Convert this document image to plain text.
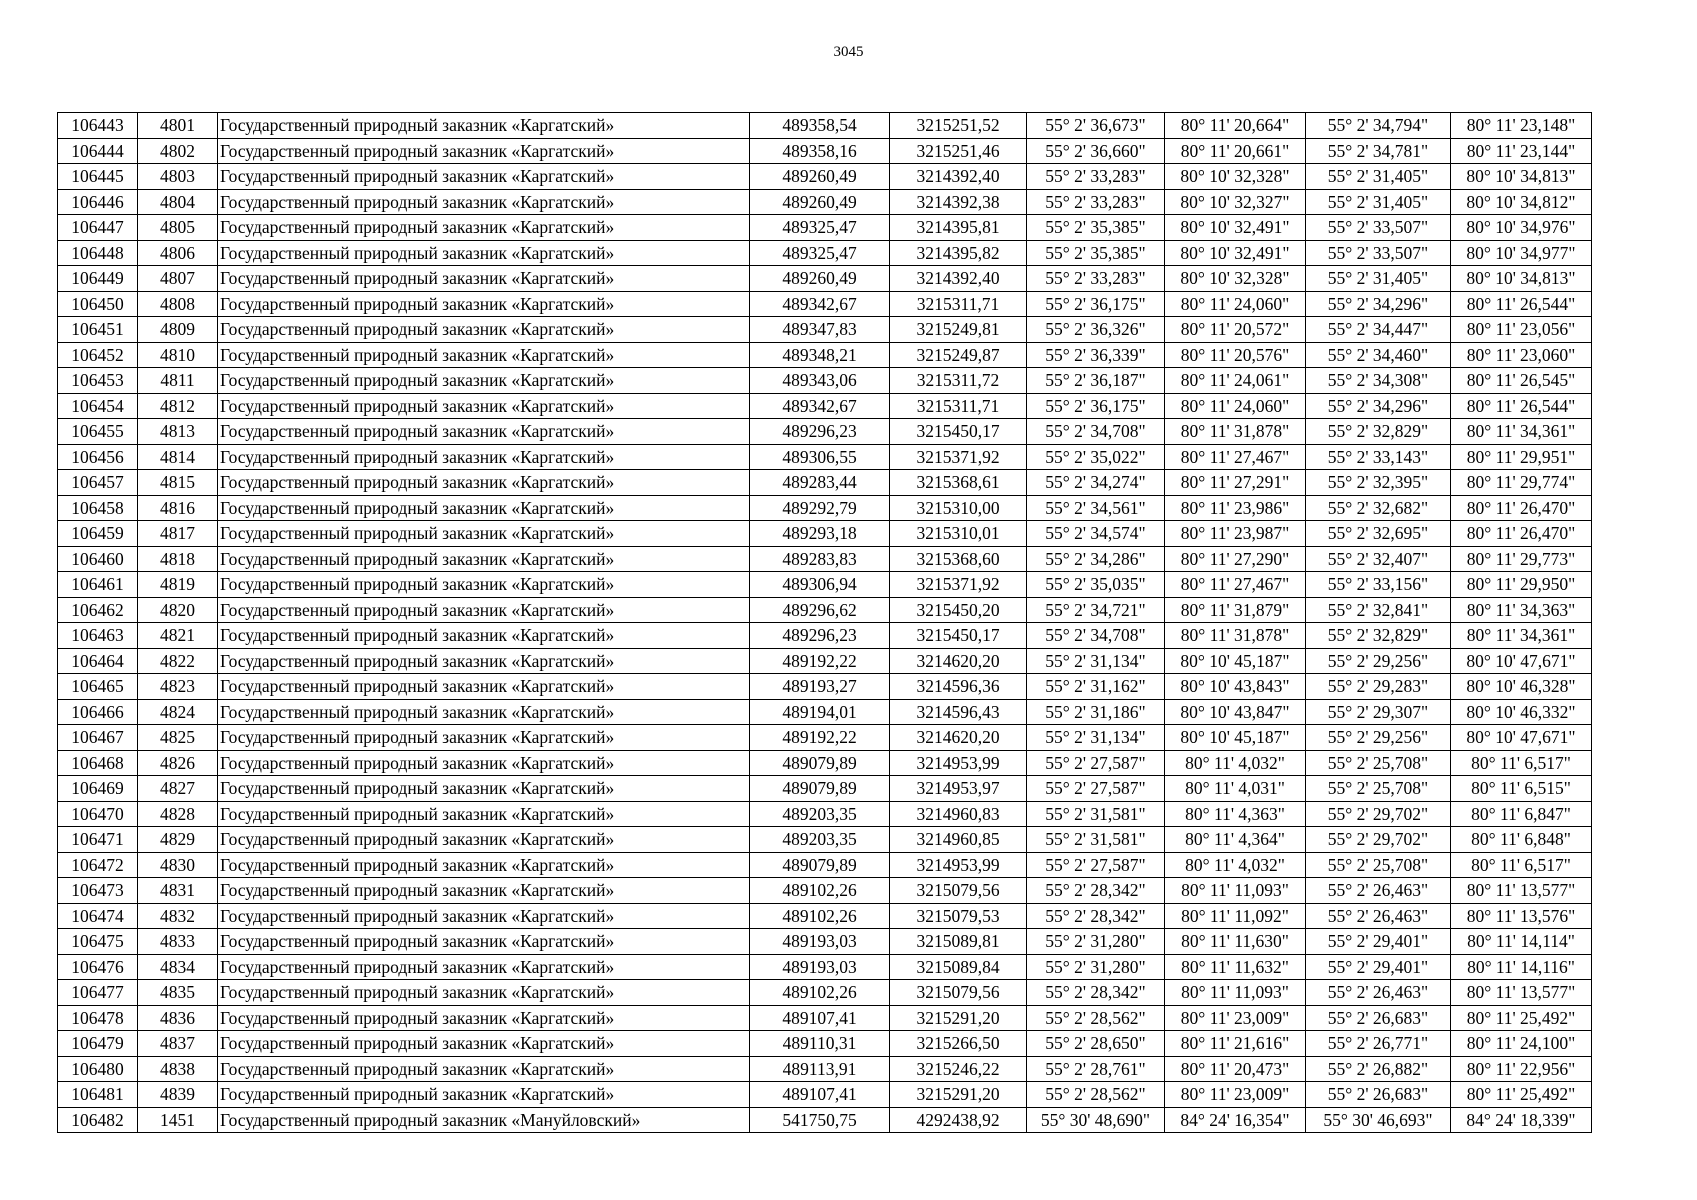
3045
106443	4801	Государственный природный заказник «Каргатский»	489358,54	3215251,52	55° 2' 36,673"	80° 11' 20,664"	55° 2' 34,794"	80° 11' 23,148"
106444	4802	Государственный природный заказник «Каргатский»	489358,16	3215251,46	55° 2' 36,660"	80° 11' 20,661"	55° 2' 34,781"	80° 11' 23,144"
106445	4803	Государственный природный заказник «Каргатский»	489260,49	3214392,40	55° 2' 33,283"	80° 10' 32,328"	55° 2' 31,405"	80° 10' 34,813"
106446	4804	Государственный природный заказник «Каргатский»	489260,49	3214392,38	55° 2' 33,283"	80° 10' 32,327"	55° 2' 31,405"	80° 10' 34,812"
106447	4805	Государственный природный заказник «Каргатский»	489325,47	3214395,81	55° 2' 35,385"	80° 10' 32,491"	55° 2' 33,507"	80° 10' 34,976"
106448	4806	Государственный природный заказник «Каргатский»	489325,47	3214395,82	55° 2' 35,385"	80° 10' 32,491"	55° 2' 33,507"	80° 10' 34,977"
106449	4807	Государственный природный заказник «Каргатский»	489260,49	3214392,40	55° 2' 33,283"	80° 10' 32,328"	55° 2' 31,405"	80° 10' 34,813"
106450	4808	Государственный природный заказник «Каргатский»	489342,67	3215311,71	55° 2' 36,175"	80° 11' 24,060"	55° 2' 34,296"	80° 11' 26,544"
106451	4809	Государственный природный заказник «Каргатский»	489347,83	3215249,81	55° 2' 36,326"	80° 11' 20,572"	55° 2' 34,447"	80° 11' 23,056"
106452	4810	Государственный природный заказник «Каргатский»	489348,21	3215249,87	55° 2' 36,339"	80° 11' 20,576"	55° 2' 34,460"	80° 11' 23,060"
106453	4811	Государственный природный заказник «Каргатский»	489343,06	3215311,72	55° 2' 36,187"	80° 11' 24,061"	55° 2' 34,308"	80° 11' 26,545"
106454	4812	Государственный природный заказник «Каргатский»	489342,67	3215311,71	55° 2' 36,175"	80° 11' 24,060"	55° 2' 34,296"	80° 11' 26,544"
106455	4813	Государственный природный заказник «Каргатский»	489296,23	3215450,17	55° 2' 34,708"	80° 11' 31,878"	55° 2' 32,829"	80° 11' 34,361"
106456	4814	Государственный природный заказник «Каргатский»	489306,55	3215371,92	55° 2' 35,022"	80° 11' 27,467"	55° 2' 33,143"	80° 11' 29,951"
106457	4815	Государственный природный заказник «Каргатский»	489283,44	3215368,61	55° 2' 34,274"	80° 11' 27,291"	55° 2' 32,395"	80° 11' 29,774"
106458	4816	Государственный природный заказник «Каргатский»	489292,79	3215310,00	55° 2' 34,561"	80° 11' 23,986"	55° 2' 32,682"	80° 11' 26,470"
106459	4817	Государственный природный заказник «Каргатский»	489293,18	3215310,01	55° 2' 34,574"	80° 11' 23,987"	55° 2' 32,695"	80° 11' 26,470"
106460	4818	Государственный природный заказник «Каргатский»	489283,83	3215368,60	55° 2' 34,286"	80° 11' 27,290"	55° 2' 32,407"	80° 11' 29,773"
106461	4819	Государственный природный заказник «Каргатский»	489306,94	3215371,92	55° 2' 35,035"	80° 11' 27,467"	55° 2' 33,156"	80° 11' 29,950"
106462	4820	Государственный природный заказник «Каргатский»	489296,62	3215450,20	55° 2' 34,721"	80° 11' 31,879"	55° 2' 32,841"	80° 11' 34,363"
106463	4821	Государственный природный заказник «Каргатский»	489296,23	3215450,17	55° 2' 34,708"	80° 11' 31,878"	55° 2' 32,829"	80° 11' 34,361"
106464	4822	Государственный природный заказник «Каргатский»	489192,22	3214620,20	55° 2' 31,134"	80° 10' 45,187"	55° 2' 29,256"	80° 10' 47,671"
106465	4823	Государственный природный заказник «Каргатский»	489193,27	3214596,36	55° 2' 31,162"	80° 10' 43,843"	55° 2' 29,283"	80° 10' 46,328"
106466	4824	Государственный природный заказник «Каргатский»	489194,01	3214596,43	55° 2' 31,186"	80° 10' 43,847"	55° 2' 29,307"	80° 10' 46,332"
106467	4825	Государственный природный заказник «Каргатский»	489192,22	3214620,20	55° 2' 31,134"	80° 10' 45,187"	55° 2' 29,256"	80° 10' 47,671"
106468	4826	Государственный природный заказник «Каргатский»	489079,89	3214953,99	55° 2' 27,587"	80° 11' 4,032"	55° 2' 25,708"	80° 11' 6,517"
106469	4827	Государственный природный заказник «Каргатский»	489079,89	3214953,97	55° 2' 27,587"	80° 11' 4,031"	55° 2' 25,708"	80° 11' 6,515"
106470	4828	Государственный природный заказник «Каргатский»	489203,35	3214960,83	55° 2' 31,581"	80° 11' 4,363"	55° 2' 29,702"	80° 11' 6,847"
106471	4829	Государственный природный заказник «Каргатский»	489203,35	3214960,85	55° 2' 31,581"	80° 11' 4,364"	55° 2' 29,702"	80° 11' 6,848"
106472	4830	Государственный природный заказник «Каргатский»	489079,89	3214953,99	55° 2' 27,587"	80° 11' 4,032"	55° 2' 25,708"	80° 11' 6,517"
106473	4831	Государственный природный заказник «Каргатский»	489102,26	3215079,56	55° 2' 28,342"	80° 11' 11,093"	55° 2' 26,463"	80° 11' 13,577"
106474	4832	Государственный природный заказник «Каргатский»	489102,26	3215079,53	55° 2' 28,342"	80° 11' 11,092"	55° 2' 26,463"	80° 11' 13,576"
106475	4833	Государственный природный заказник «Каргатский»	489193,03	3215089,81	55° 2' 31,280"	80° 11' 11,630"	55° 2' 29,401"	80° 11' 14,114"
106476	4834	Государственный природный заказник «Каргатский»	489193,03	3215089,84	55° 2' 31,280"	80° 11' 11,632"	55° 2' 29,401"	80° 11' 14,116"
106477	4835	Государственный природный заказник «Каргатский»	489102,26	3215079,56	55° 2' 28,342"	80° 11' 11,093"	55° 2' 26,463"	80° 11' 13,577"
106478	4836	Государственный природный заказник «Каргатский»	489107,41	3215291,20	55° 2' 28,562"	80° 11' 23,009"	55° 2' 26,683"	80° 11' 25,492"
106479	4837	Государственный природный заказник «Каргатский»	489110,31	3215266,50	55° 2' 28,650"	80° 11' 21,616"	55° 2' 26,771"	80° 11' 24,100"
106480	4838	Государственный природный заказник «Каргатский»	489113,91	3215246,22	55° 2' 28,761"	80° 11' 20,473"	55° 2' 26,882"	80° 11' 22,956"
106481	4839	Государственный природный заказник «Каргатский»	489107,41	3215291,20	55° 2' 28,562"	80° 11' 23,009"	55° 2' 26,683"	80° 11' 25,492"
106482	1451	Государственный природный заказник «Мануйловский»	541750,75	4292438,92	55° 30' 48,690"	84° 24' 16,354"	55° 30' 46,693"	84° 24' 18,339"
